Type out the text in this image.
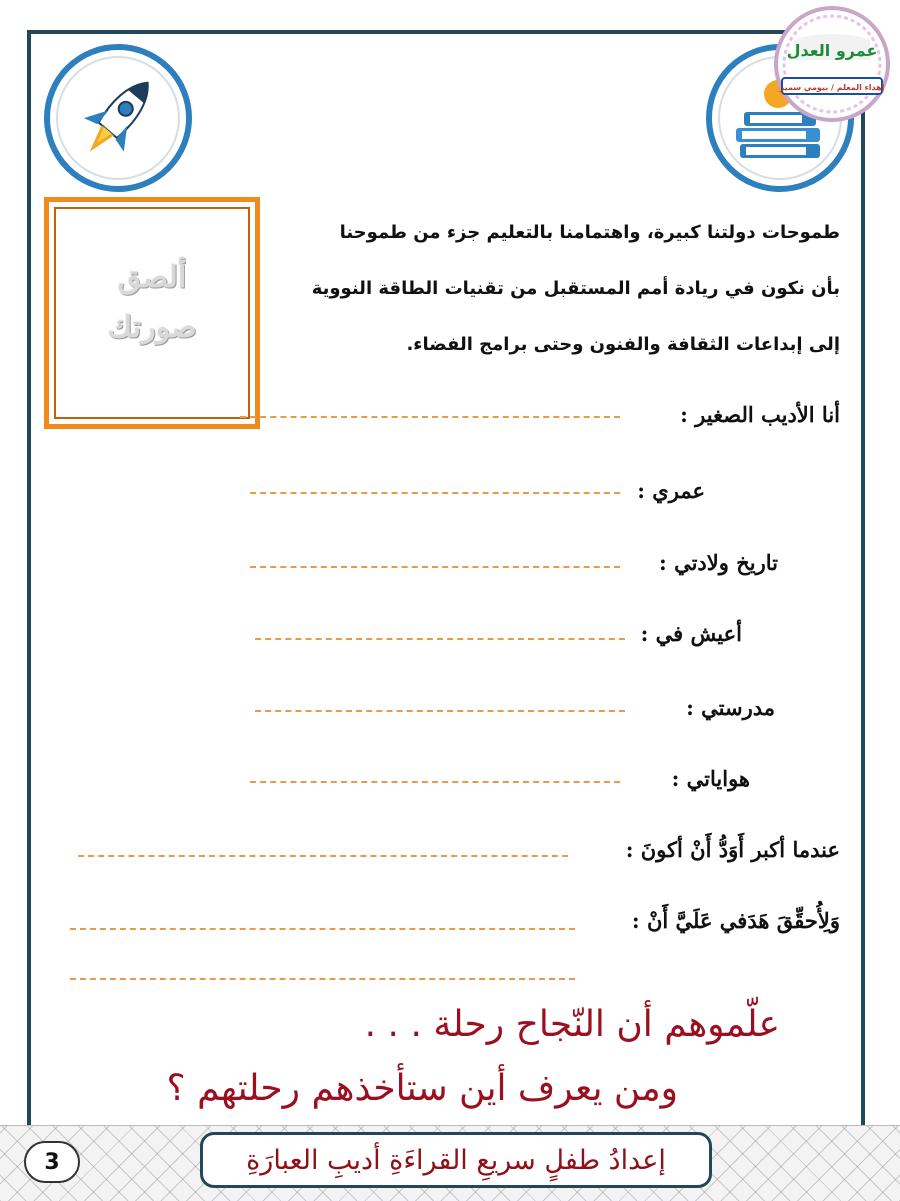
عمرو العدل
إهداء المعلم / بيومي سمير
ألصق
صورتك
طموحات دولتنا كبيرة، واهتمامنا بالتعليم جزء من طموحنا
بأن نكون في ريادة أمم المستقبل من تقنيات الطاقة النووية
إلى إبداعات الثقافة والفنون وحتى برامج الفضاء.
أنا الأديب الصغير :
عمري :
تاريخ ولادتي :
أعيش في :
مدرستي :
هواياتي :
عندما أكبر أَوَدُّ أَنْ أكونَ :
وَلِأُحقِّقَ هَدَفي عَلَيَّ أَنْ :
علّموهم أن النّجاح رحلة . . .
ومن يعرف أين ستأخذهم رحلتهم ؟
3	إعدادُ طفلٍ سريعِ القراءَةِ أديبِ العبارَةِ
